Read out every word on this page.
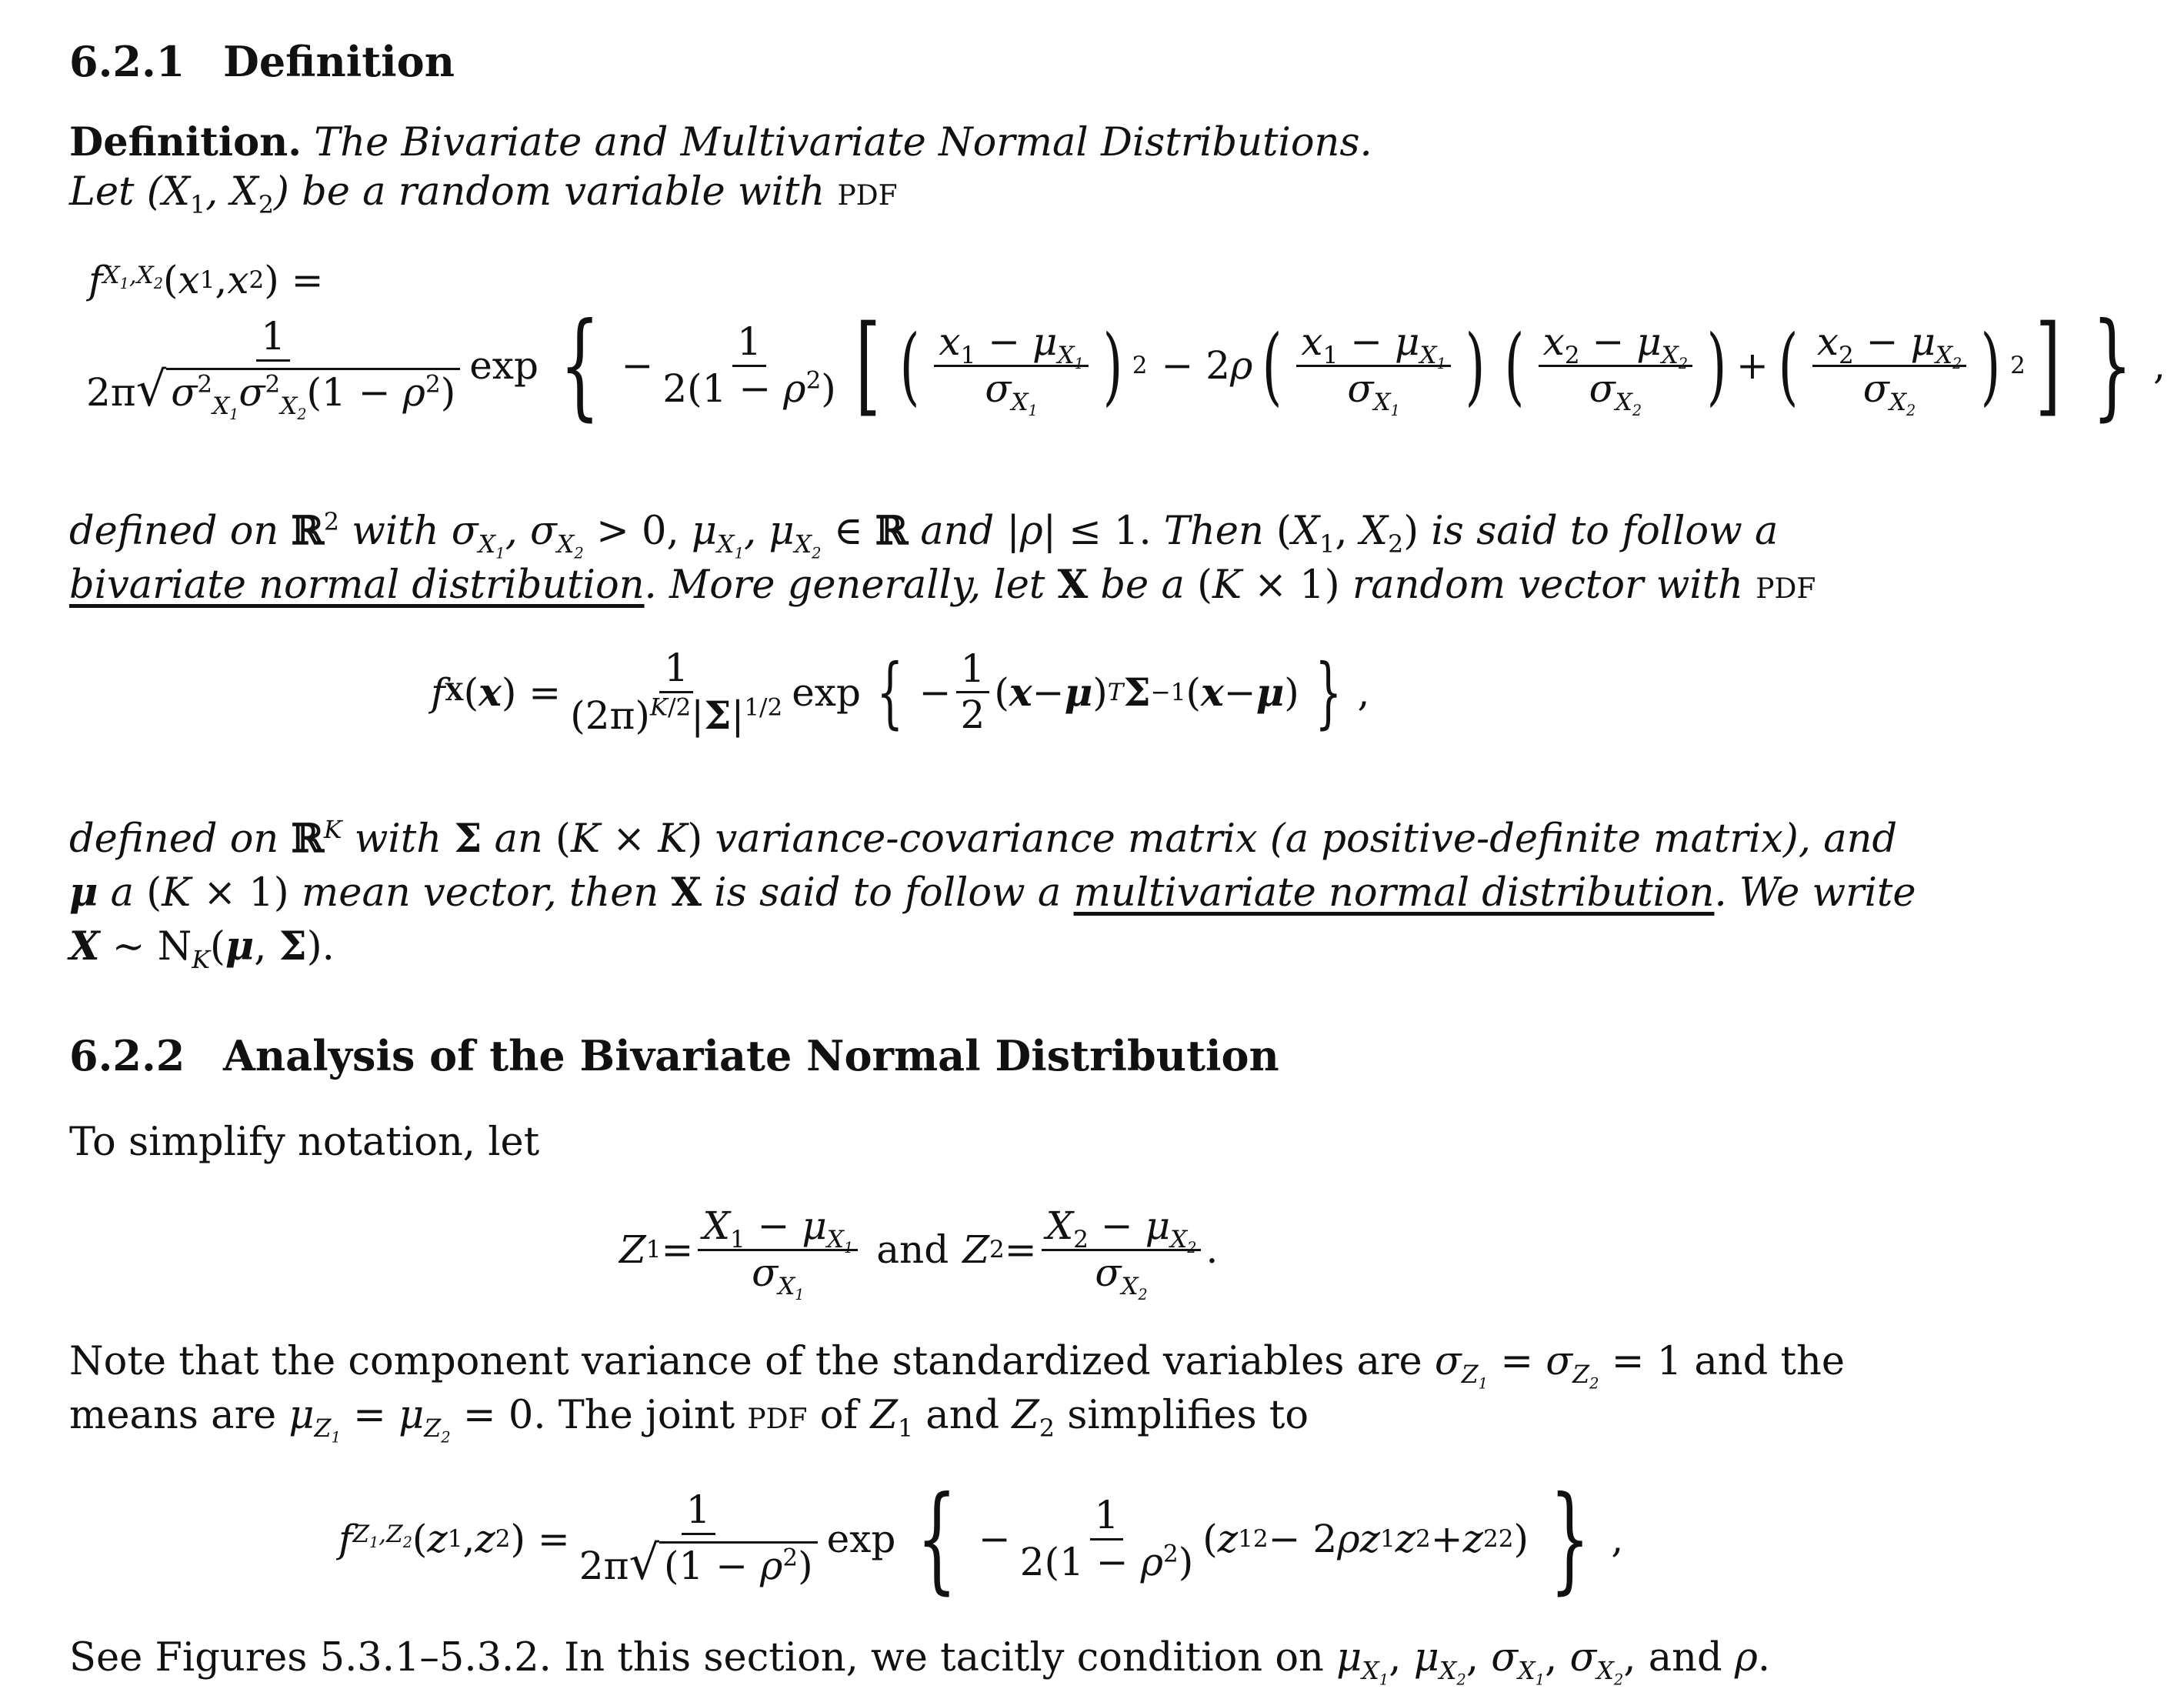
6.2.1 Definition
Definition. The Bivariate and Multivariate Normal Distributions.
Let ($X_1$, $X_2$) be a random variable with pdf
f $X_1,X_2$ ( x 1 , x 2 ) =
$\frac{1}{2\pi√ \sigma^2_{X_1}\sigma^2_{X_2}(1 - \rho^2)}$ exp { − $\frac{1}{2(1 - \rho^2)}$ [ ( $\frac{x_1 - \mu_{X_1}}{\sigma_{X_1}}$ ) 2 − 2 ρ ( $\frac{x_1 - \mu_{X_1}}{\sigma_{X_1}}$ ) ( $\frac{x_2 - \mu_{X_2}}{\sigma_{X_2}}$ ) + ( $\frac{x_2 - \mu_{X_2}}{\sigma_{X_2}}$ ) 2 ] } ,
defined on ℝ$^2$ with $\sigma_{X_1}$, $\sigma_{X_2} > 0$, $\mu_{X_1}$, $\mu_{X_2}$ ∈ ℝ and |ρ| ≤ 1. Then ($X_1$, $X_2$) is said to follow a
bivariate normal distribution. More generally, let X be a (K × 1) random vector with pdf
f X ( x ) = $\frac{1}{(2\pi)^{K/2}|\Sigma|^{1/2}}$ exp { − $\frac{1}{2}$ ( x − μ ) T Σ −1 ( x − μ ) } ,
defined on ℝ$^K$ with Σ an (K × K) variance-covariance matrix (a positive-definite matrix), and
μ a (K × 1) mean vector, then X is said to follow a multivariate normal distribution. We write
X ∼ $N_K(\mu$, Σ).
6.2.2 Analysis of the Bivariate Normal Distribution
To simplify notation, let
Z $1 = \frac{X_1 - \mu_{X_1}}{\sigma_{X_1}}$ and Z $2 = \frac{X_2 - \mu_{X_2}}{\sigma_{X_2}}$ .
Note that the component variance of the standardized variables are $\sigma_{Z_1} = \sigma_{Z_2} = 1$ and the
means are $\mu_{Z_1} = \mu_{Z_2} = 0$. The joint pdf of $Z_1$ and $Z_2$ simplifies to
f $Z_1,Z_2$ ( z 1 , z 2 ) = $\frac{1}{2\pi√ (1 - \rho^2)}$ exp { − $\frac{1}{2(1 - \rho^2)}$ ( z 1 2 − 2 ρ z 1 z 2 + z 2 2 ) } ,
See Figures 5.3.1–5.3.2. In this section, we tacitly condition on $\mu_{X_1}$, $\mu_{X_2}$, $\sigma_{X_1}$, $\sigma_{X_2}$, and ρ.
